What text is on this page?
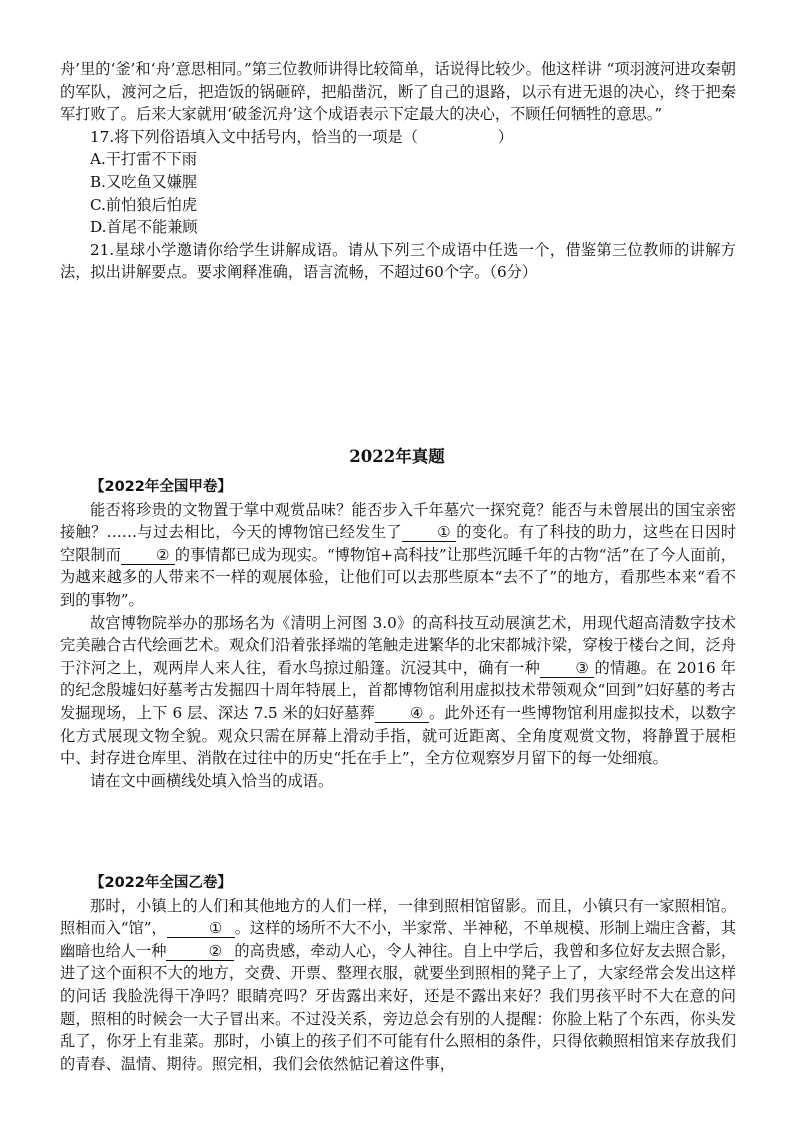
舟’里的‘釜’和‘舟’意思相同。”第三位教师讲得比较简单，话说得比较少。他这样讲 “项羽渡河进攻秦朝的军队，渡河之后，把造饭的锅砸碎，把船凿沉，断了自己的退路，以示有进无退的决心，终于把秦军打败了。后来大家就用‘破釜沉舟’这个成语表示下定最大的决心，不顾任何牺牲的意思。”

17.将下列俗语填入文中括号内，恰当的一项是（	）

A.干打雷不下雨

B.又吃鱼又嫌腥

C.前怕狼后怕虎

D.首尾不能兼顾

21.星球小学邀请你给学生讲解成语。请从下列三个成语中任选一个，借鉴第三位教师的讲解方法，拟出讲解要点。要求阐释准确，语言流畅，不超过60个字。（6分）

2022年真题

【2022年全国甲卷】

能否将珍贵的文物置于掌中观赏品味？能否步入千年墓穴一探究竟？能否与未曾展出的国宝亲密接触？……与过去相比，今天的博物馆已经发生了 ① 的变化。有了科技的助力，这些在日因时空限制而 ② 的事情都已成为现实。“博物馆+高科技”让那些沉睡千年的古物“活”在了今人面前，为越来越多的人带来不一样的观展体验，让他们可以去那些原本“去不了”的地方，看那些本来“看不到的事物”。

故宫博物院举办的那场名为《清明上河图 3.0》的高科技互动展演艺术，用现代超高清数字技术完美融合古代绘画艺术。观众们沿着张择端的笔触走进繁华的北宋都城汴梁，穿梭于楼台之间，泛舟于汴河之上，观两岸人来人往，看水鸟掠过船篷。沉浸其中，确有一种 ③ 的情趣。在 2016 年的纪念殷墟妇好墓考古发掘四十周年特展上，首都博物馆利用虚拟技术带领观众“回到”妇好墓的考古发掘现场，上下 6 层、深达 7.5 米的妇好墓葬 ④ 。此外还有一些博物馆利用虚拟技术，以数字化方式展现文物全貌。观众只需在屏幕上滑动手指，就可近距离、全角度观赏文物，将静置于展柜中、封存进仓库里、消散在过往中的历史“托在手上”，全方位观察岁月留下的每一处细痕。

请在文中画横线处填入恰当的成语。

【2022年全国乙卷】

那时，小镇上的人们和其他地方的人们一样，一律到照相馆留影。而且，小镇只有一家照相馆。照相而入“馆”，	① 。这样的场所不大不小，半家常、半神秘，不单规模、形制上端庄含蓄，其幽暗也给人一种	② 的高贵感，牵动人心，令人神往。自上中学后，我曾和多位好友去照合影，进了这个面积不大的地方，交费、开票、整理衣服，就要坐到照相的凳子上了，大家经常会发出这样的问话 我脸洗得干净吗？眼睛亮吗？牙齿露出来好，还是不露出来好？我们男孩平时不大在意的问题，照相的时候会一大子冒出来。不过没关系，旁边总会有别的人提醒：你脸上粘了个东西，你头发乱了，你牙上有韭菜。那时，小镇上的孩子们不可能有什么照相的条件，只得依赖照相馆来存放我们的青春、温情、期待。照完相，我们会依然惦记着这件事，
